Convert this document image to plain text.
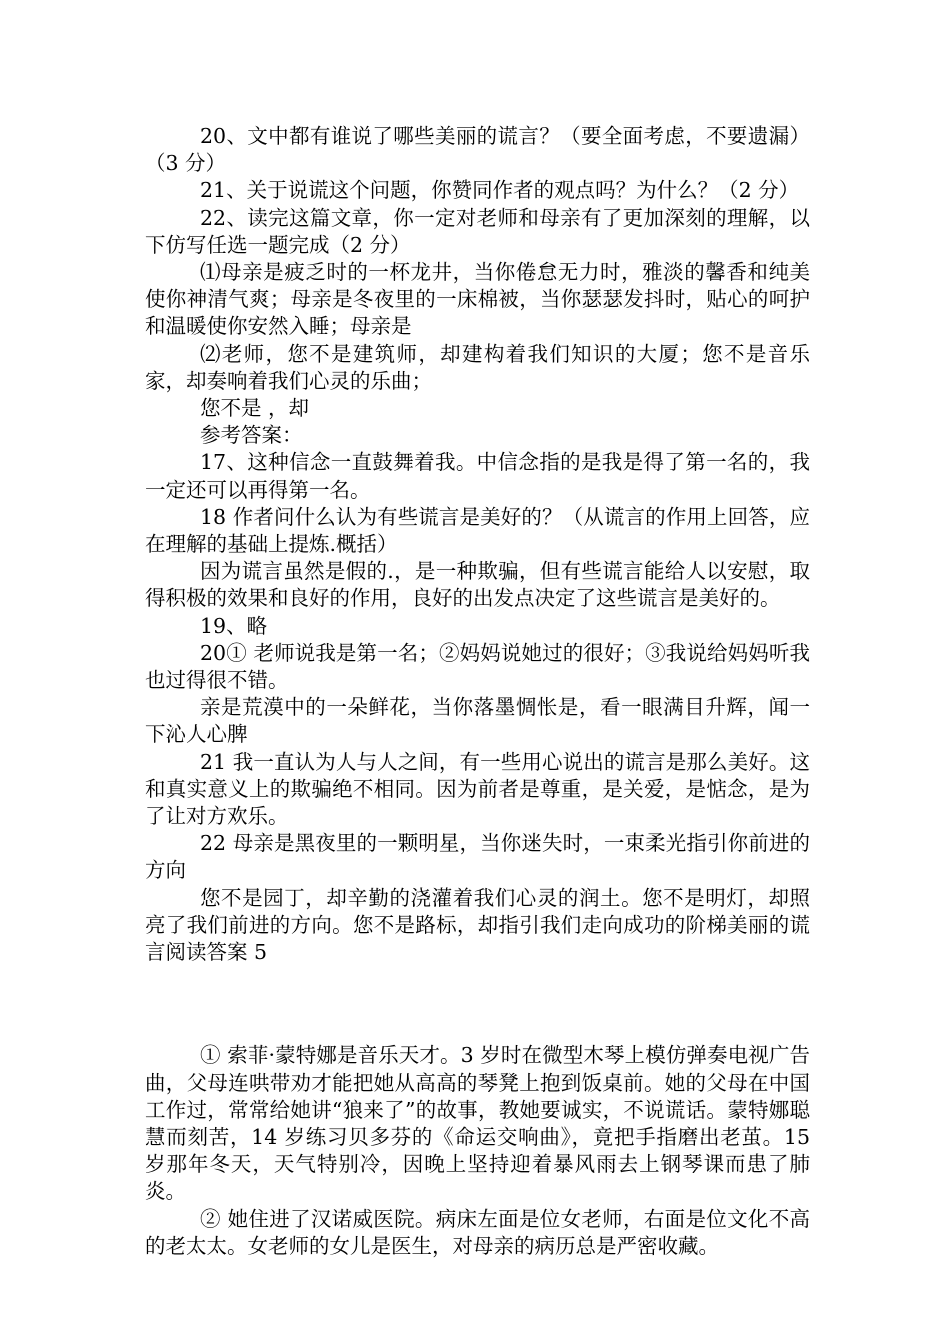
20、文中都有谁说了哪些美丽的谎言？（要全面考虑，不要遗漏）（3 分）

21、关于说谎这个问题，你赞同作者的观点吗？为什么？（2 分）

22、读完这篇文章，你一定对老师和母亲有了更加深刻的理解，以下仿写任选一题完成（2 分）

⑴母亲是疲乏时的一杯龙井，当你倦怠无力时，雅淡的馨香和纯美使你神清气爽；母亲是冬夜里的一床棉被，当你瑟瑟发抖时，贴心的呵护和温暖使你安然入睡；母亲是

⑵老师，您不是建筑师，却建构着我们知识的大厦；您不是音乐家，却奏响着我们心灵的乐曲；

您不是 ，却

参考答案：

17、这种信念一直鼓舞着我。中信念指的是我是得了第一名的，我一定还可以再得第一名。

18 作者问什么认为有些谎言是美好的？（从谎言的作用上回答，应在理解的基础上提炼.概括）

因为谎言虽然是假的.，是一种欺骗，但有些谎言能给人以安慰，取得积极的效果和良好的作用，良好的出发点决定了这些谎言是美好的。

19、略

20① 老师说我是第一名；②妈妈说她过的很好；③我说给妈妈听我也过得很不错。

亲是荒漠中的一朵鲜花，当你落墨惆怅是，看一眼满目升辉，闻一下沁人心脾

21 我一直认为人与人之间，有一些用心说出的谎言是那么美好。这和真实意义上的欺骗绝不相同。因为前者是尊重，是关爱，是惦念，是为了让对方欢乐。

22 母亲是黑夜里的一颗明星，当你迷失时，一束柔光指引你前进的方向

您不是园丁，却辛勤的浇灌着我们心灵的润土。您不是明灯，却照亮了我们前进的方向。您不是路标，却指引我们走向成功的阶梯美丽的谎言阅读答案 5

① 索菲·蒙特娜是音乐天才。3 岁时在微型木琴上模仿弹奏电视广告曲，父母连哄带劝才能把她从高高的琴凳上抱到饭桌前。她的父母在中国工作过，常常给她讲“狼来了”的故事，教她要诚实，不说谎话。蒙特娜聪慧而刻苦，14 岁练习贝多芬的《命运交响曲》，竟把手指磨出老茧。15 岁那年冬天，天气特别冷，因晚上坚持迎着暴风雨去上钢琴课而患了肺炎。

② 她住进了汉诺威医院。病床左面是位女老师，右面是位文化不高的老太太。女老师的女儿是医生，对母亲的病历总是严密收藏。
